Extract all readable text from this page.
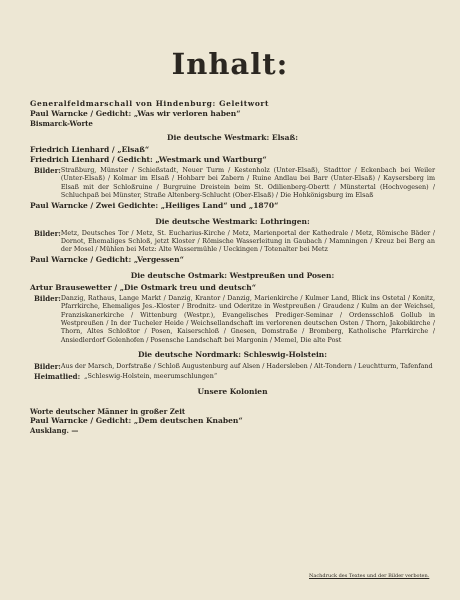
Inhalt:
Generalfeldmarschall von Hindenburg: Geleitwort
Paul Warncke / Gedicht: „Was wir verloren haben“
Bismarck-Worte
Die deutsche Westmark: Elsaß:
Friedrich Lienhard / „Elsaß“
Friedrich Lienhard / Gedicht: „Westmark und Wartburg“
Bilder: Straßburg, Münster / Schießstadt, Neuer Turm / Kestenholz (Unter-Elsaß), Stadttor / Eckenbach bei Weiler (Unter-Elsaß) / Kolmar im Elsaß / Hohbarr bei Zabern / Ruine Andlau bei Barr (Unter-Elsaß) / Kaysersberg im Elsaß mit der Schloßruine / Burgruine Dreistein beim St. Odilienberg-Obertt / Münstertal (Hochvogesen) / Schluchpaß bei Münster, Straße Altenberg-Schlucht (Ober-Elsaß) / Die Hohkönigsburg im Elsaß
Paul Warncke / Zwei Gedichte: „Heiliges Land“ und „1870“
Die deutsche Westmark: Lothringen:
Bilder: Metz, Deutsches Tor / Metz, St. Eucharius-Kirche / Metz, Marienportal der Kathedrale / Metz, Römische Bäder / Dornot, Ehemaliges Schloß, jetzt Kloster / Römische Wasserleitung in Gaubach / Mamningen / Kreuz bei Berg an der Mosel / Mühlen bei Metz: Alte Wassermühle / Ueckingen / Totenalter bei Metz
Paul Warncke / Gedicht: „Vergessen“
Die deutsche Ostmark: Westpreußen und Posen:
Artur Brausewetter / „Die Ostmark treu und deutsch“
Bilder: Danzig, Rathaus, Lange Markt / Danzig, Krantor / Danzig, Marienkirche / Kulmer Land, Blick ins Ostetal / Konitz, Pfarrkirche, Ehemaliges Jes.-Kloster / Brodnitz- und Oderitze in Westpreußen / Graudenz / Kulm an der Weichsel, Franziskanerkirche / Wittenburg (Westpr.), Evangelisches Prediger-Seminar / Ordensschloß Gollub in Westpreußen / In der Tucheler Heide / Weichsellandschaft im verlorenen deutschen Osten / Thorn, Jakobikirche / Thorn, Altes Schloßtor / Posen, Kaiserschloß / Gnesen, Domstraße / Bromberg, Katholische Pfarrkirche / Ansiedlerdorf Golenhofen / Posensche Landschaft bei Margonin / Memel, Die alte Post
Die deutsche Nordmark: Schleswig-Holstein:
Bilder: Aus der Marsch, Dorfstraße / Schloß Augustenburg auf Alsen / Hadersleben / Alt-Tondern / Leuchtturm, Tafenfand
Heimatlied: „Schleswig-Holstein, meerumschlungen“
Unsere Kolonien
Worte deutscher Männer in großer Zeit
Paul Warncke / Gedicht: „Dem deutschen Knaben“
Ausklang. —
Nachdruck des Textes und der Bilder verboten.
